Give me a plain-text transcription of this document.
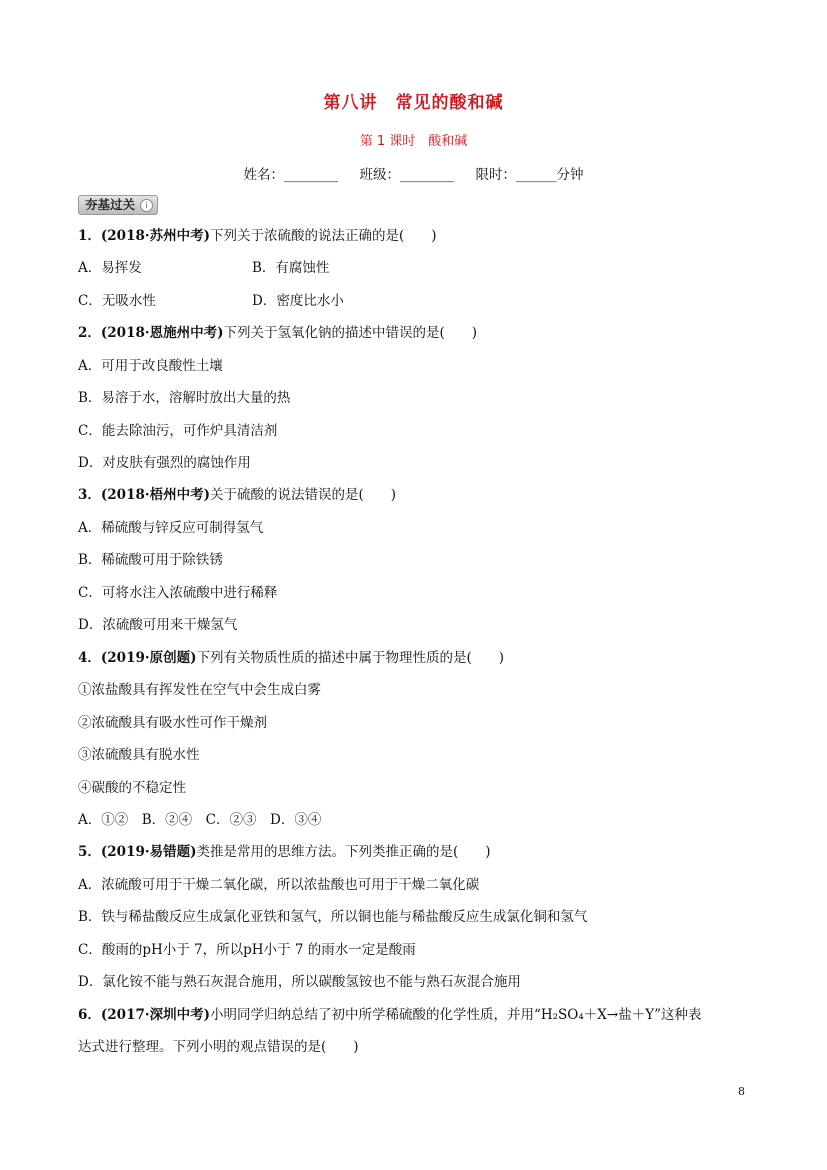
第八讲　常见的酸和碱
第 1 课时　酸和碱
姓名：________ 班级：________ 限时：______分钟
夯基过关	i
1．(2018·苏州中考)下列关于浓硫酸的说法正确的是(　　)
A．易挥发	B．有腐蚀性
C．无吸水性	D．密度比水小
2．(2018·恩施州中考)下列关于氢氧化钠的描述中错误的是(　　)
A．可用于改良酸性土壤
B．易溶于水，溶解时放出大量的热
C．能去除油污，可作炉具清洁剂
D．对皮肤有强烈的腐蚀作用
3．(2018·梧州中考)关于硫酸的说法错误的是(　　)
A．稀硫酸与锌反应可制得氢气
B．稀硫酸可用于除铁锈
C．可将水注入浓硫酸中进行稀释
D．浓硫酸可用来干燥氢气
4．(2019·原创题)下列有关物质性质的描述中属于物理性质的是(　　)
①浓盐酸具有挥发性在空气中会生成白雾
②浓硫酸具有吸水性可作干燥剂
③浓硫酸具有脱水性
④碳酸的不稳定性
A．①②　B．②④　C．②③　D．③④
5．(2019·易错题)类推是常用的思维方法。下列类推正确的是(　　)
A．浓硫酸可用于干燥二氧化碳，所以浓盐酸也可用于干燥二氧化碳
B．铁与稀盐酸反应生成氯化亚铁和氢气，所以铜也能与稀盐酸反应生成氯化铜和氢气
C．酸雨的pH小于 7，所以pH小于 7 的雨水一定是酸雨
D．氯化铵不能与熟石灰混合施用，所以碳酸氢铵也不能与熟石灰混合施用
6．(2017·深圳中考)小明同学归纳总结了初中所学稀硫酸的化学性质，并用“H₂SO₄＋X→盐＋Y”这种表
达式进行整理。下列小明的观点错误的是(　　)
8
